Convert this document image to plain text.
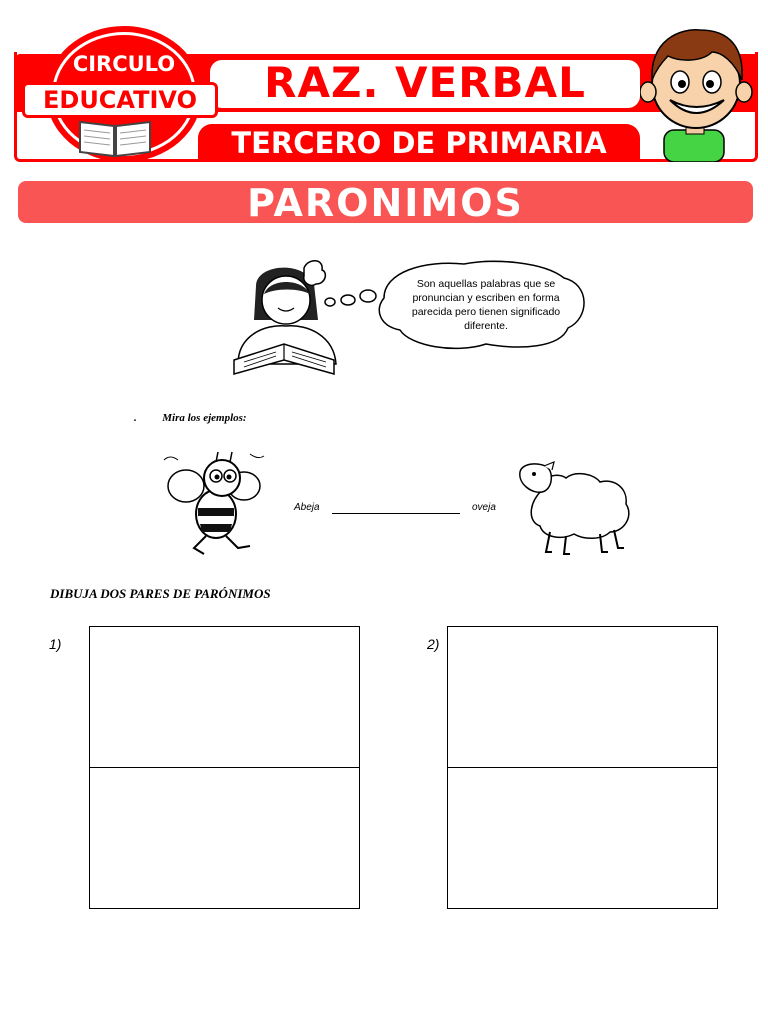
RAZ. VERBAL
TERCERO DE PRIMARIA
CIRCULO
EDUCATIVO
PARONIMOS
Son aquellas palabras que se
pronuncian y escriben en forma
parecida pero tienen significado
diferente.
. Mira los ejemplos:
Abeja	oveja
DIBUJA DOS PARES DE PARÓNIMOS
1)	2)
